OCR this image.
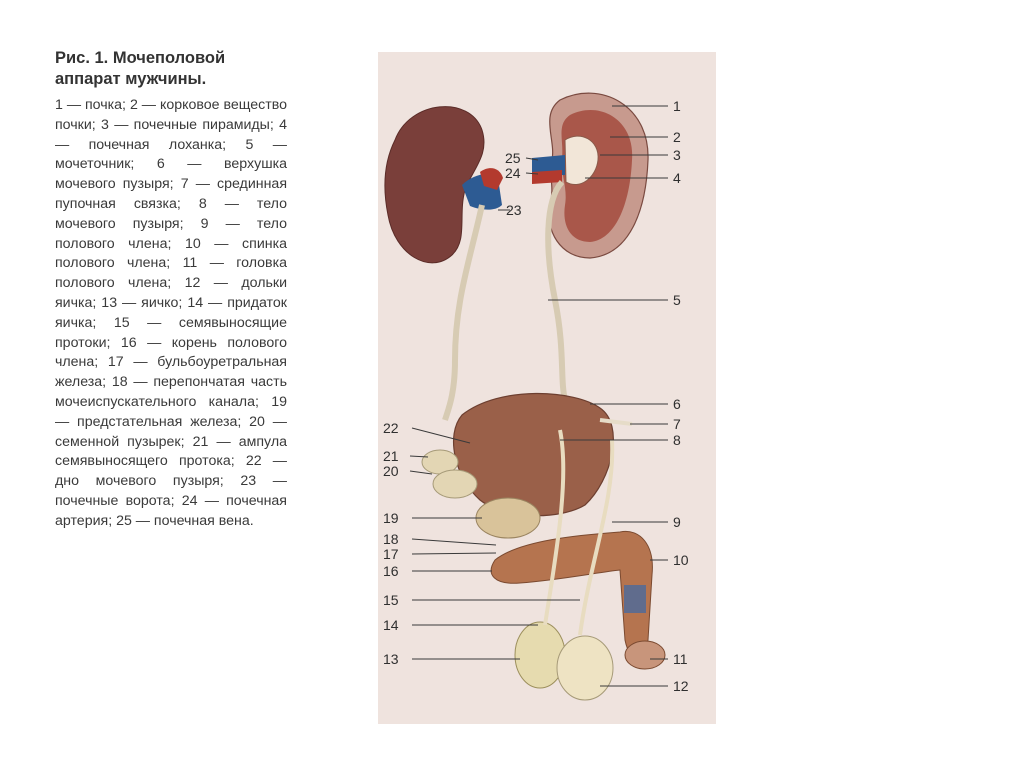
Рис. 1. Мочеполовой аппарат мужчины.
1 — почка; 2 — корковое вещество почки; 3 — почечные пирамиды; 4 — почечная лоханка; 5 — мочеточник; 6 — верхушка мочевого пузыря; 7 — срединная пупочная связка; 8 — тело мочевого пузыря; 9 — тело полового члена; 10 — спинка полового члена; 11 — головка полового члена; 12 — дольки яичка; 13 — яичко; 14 — придаток яичка; 15 — семявыносящие протоки; 16 — корень полового члена; 17 — бульбоуретральная железа; 18 — перепончатая часть мочеиспускательного канала; 19 — предстательная железа; 20 — семенной пузырек; 21 — ампула семявыносящего протока; 22 — дно мочевого пузыря; 23 — почечные ворота; 24 — почечная артерия; 25 — почечная вена.
1
2
3
4
5
6
7
8
9
10
11
12
13
14
15
16
17
18
19
20
21
22
23
24
25
